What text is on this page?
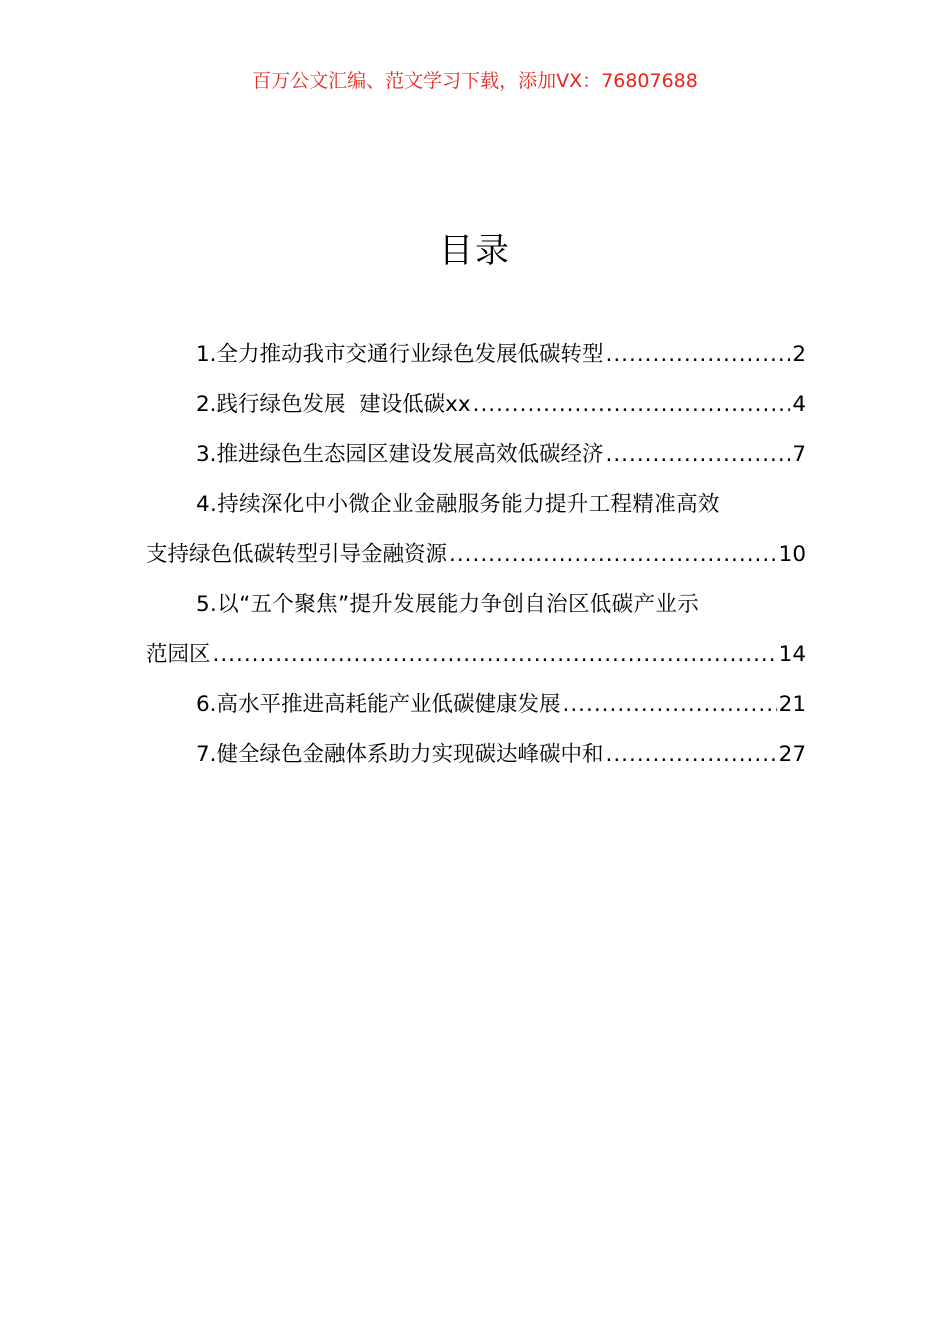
百万公文汇编、范文学习下载，添加VX：76807688
目录
1.全力推动我市交通行业绿色发展低碳转型 .....	2
2.践行绿色发展  建设低碳xx .....	4
3.推进绿色生态园区建设发展高效低碳经济 .....	7
4.持续深化中小微企业金融服务能力提升工程精准高效
支持绿色低碳转型引导金融资源 .....	10
5.以“五个聚焦”提升发展能力争创自治区低碳产业示
范园区 .....	14
6.高水平推进高耗能产业低碳健康发展 .....	21
7.健全绿色金融体系助力实现碳达峰碳中和 .....	27
